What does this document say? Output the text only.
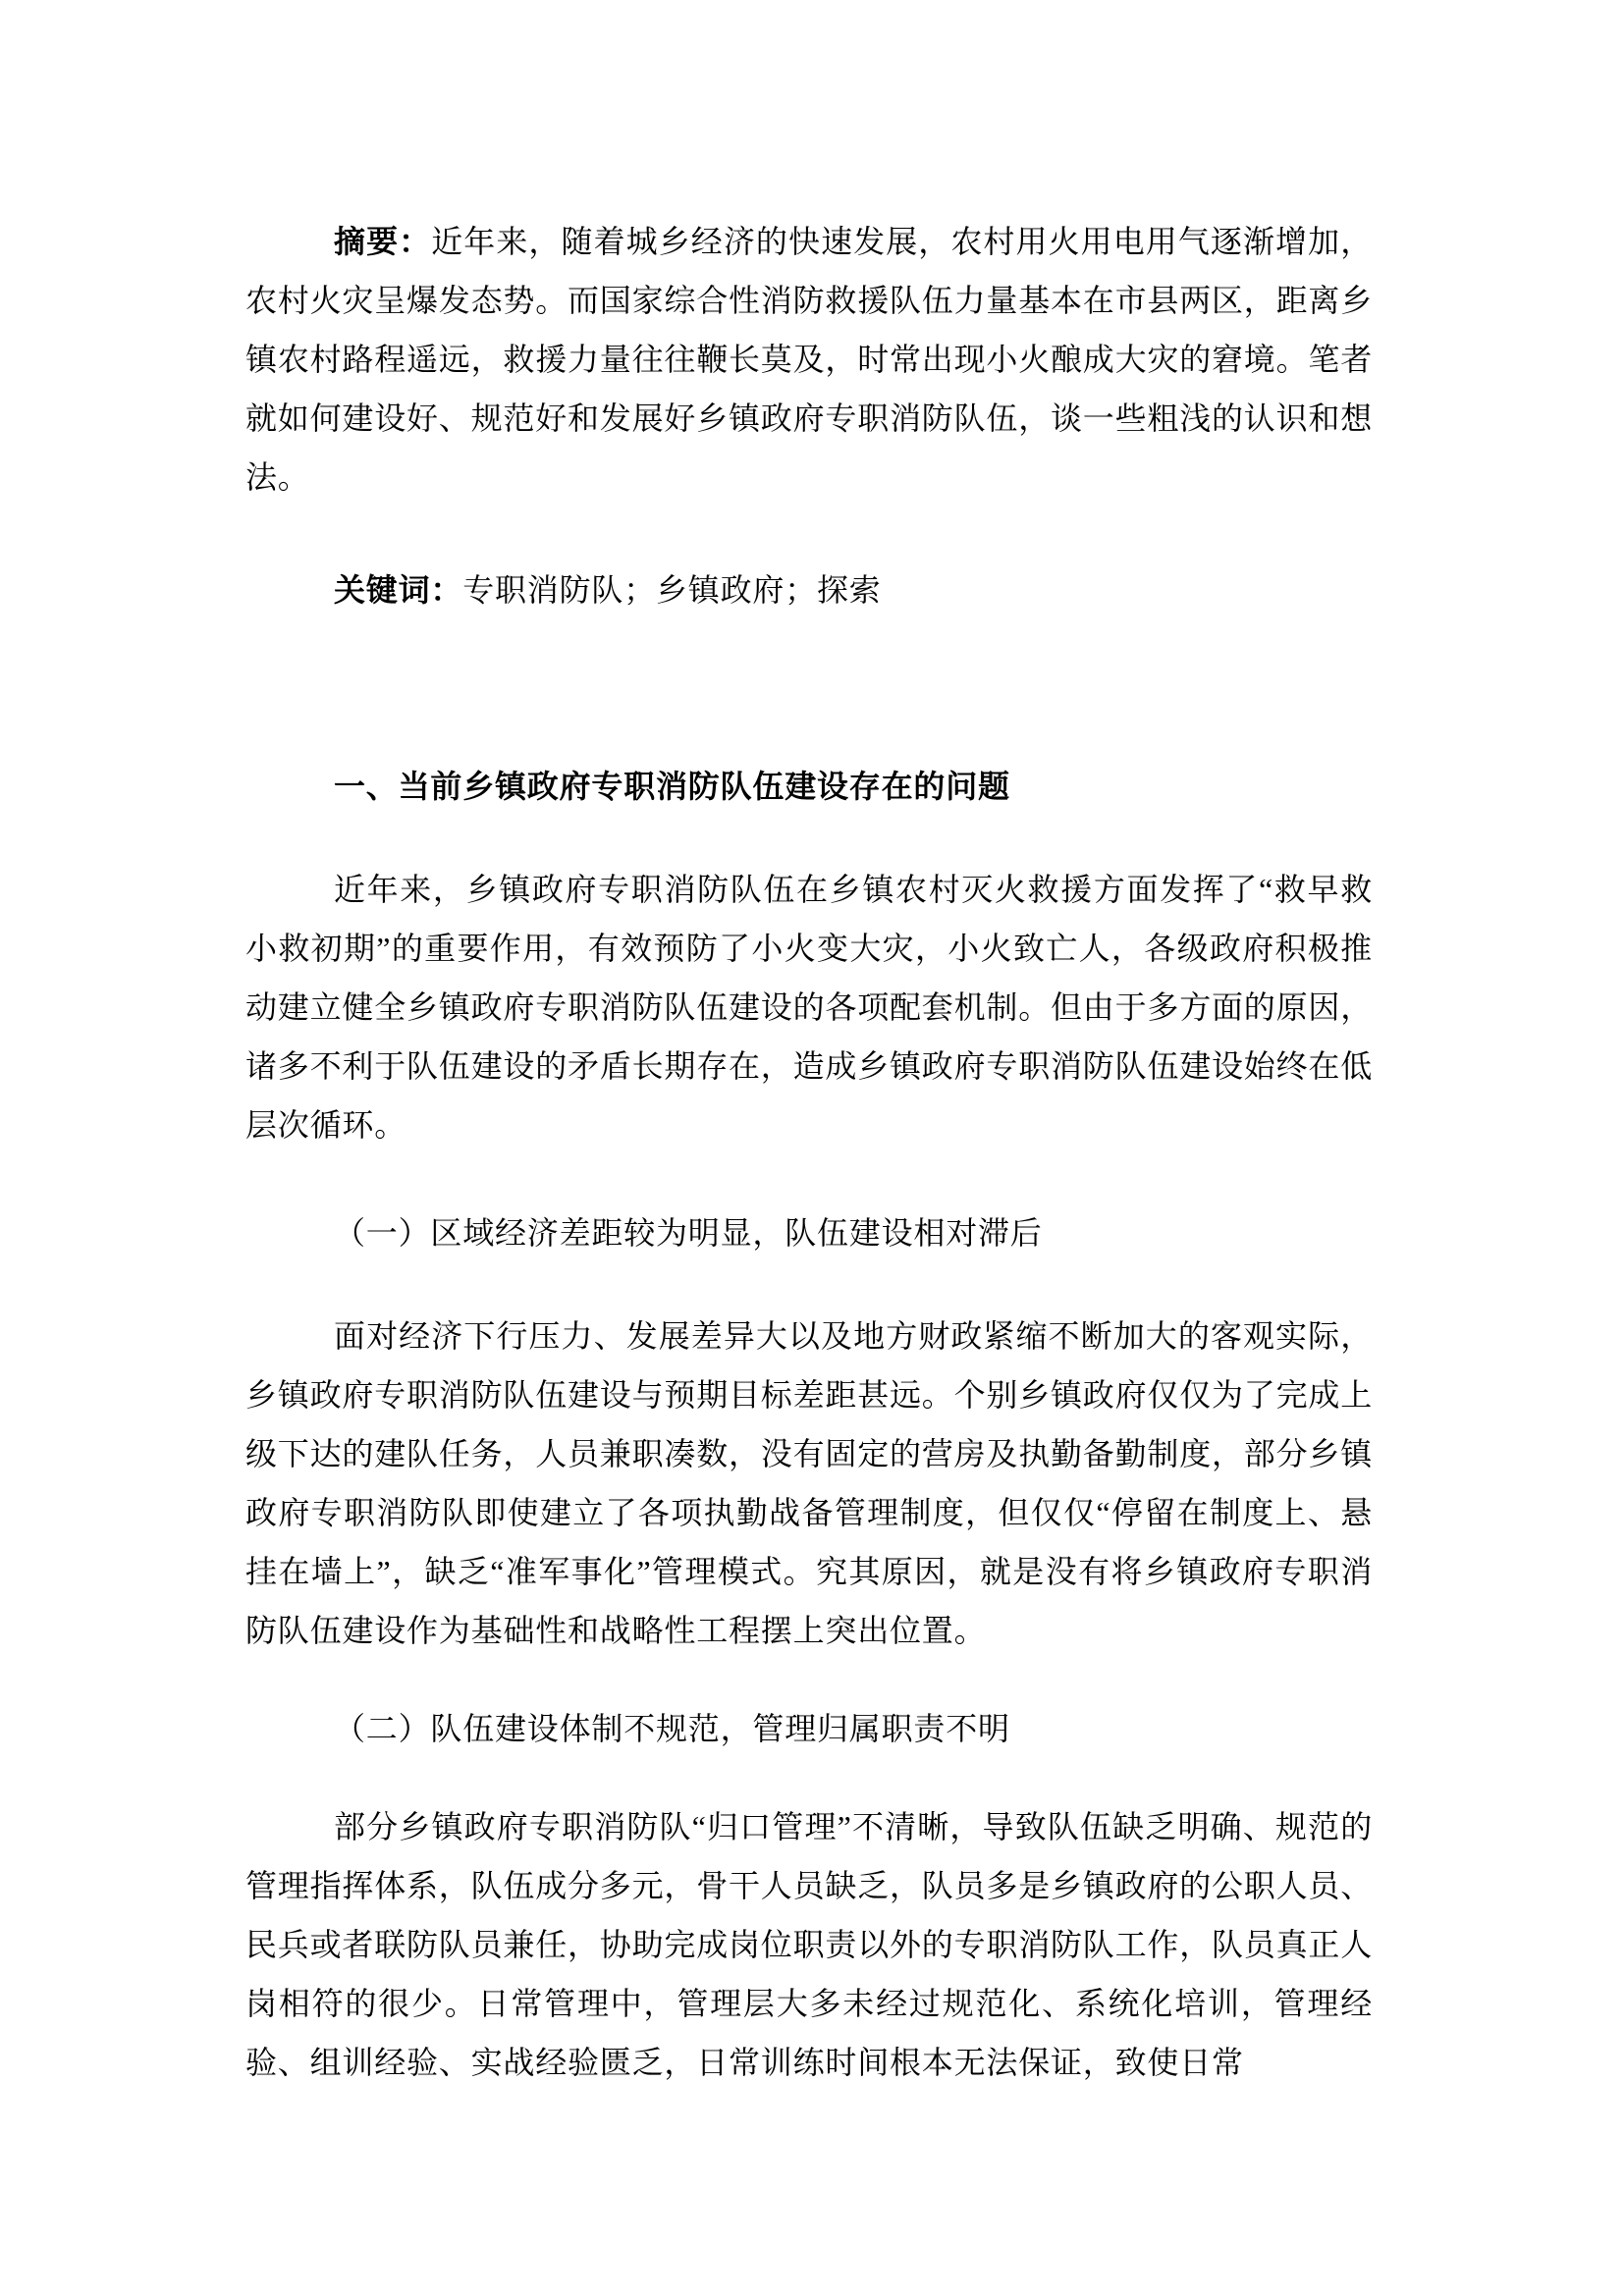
摘要：近年来，随着城乡经济的快速发展，农村用火用电用气逐渐增加，农村火灾呈爆发态势。而国家综合性消防救援队伍力量基本在市县两区，距离乡镇农村路程遥远，救援力量往往鞭长莫及，时常出现小火酿成大灾的窘境。笔者就如何建设好、规范好和发展好乡镇政府专职消防队伍，谈一些粗浅的认识和想法。

关键词：专职消防队；乡镇政府；探索

一、当前乡镇政府专职消防队伍建设存在的问题

近年来，乡镇政府专职消防队伍在乡镇农村灭火救援方面发挥了“救早救小救初期”的重要作用，有效预防了小火变大灾，小火致亡人，各级政府积极推动建立健全乡镇政府专职消防队伍建设的各项配套机制。但由于多方面的原因，诸多不利于队伍建设的矛盾长期存在，造成乡镇政府专职消防队伍建设始终在低层次循环。

（一）区域经济差距较为明显，队伍建设相对滞后

面对经济下行压力、发展差异大以及地方财政紧缩不断加大的客观实际，乡镇政府专职消防队伍建设与预期目标差距甚远。个别乡镇政府仅仅为了完成上级下达的建队任务，人员兼职凑数，没有固定的营房及执勤备勤制度，部分乡镇政府专职消防队即使建立了各项执勤战备管理制度，但仅仅“停留在制度上、悬挂在墙上”，缺乏“准军事化”管理模式。究其原因，就是没有将乡镇政府专职消防队伍建设作为基础性和战略性工程摆上突出位置。

（二）队伍建设体制不规范，管理归属职责不明

部分乡镇政府专职消防队“归口管理”不清晰，导致队伍缺乏明确、规范的管理指挥体系，队伍成分多元，骨干人员缺乏，队员多是乡镇政府的公职人员、民兵或者联防队员兼任，协助完成岗位职责以外的专职消防队工作，队员真正人岗相符的很少。日常管理中，管理层大多未经过规范化、系统化培训，管理经验、组训经验、实战经验匮乏，日常训练时间根本无法保证，致使日常
